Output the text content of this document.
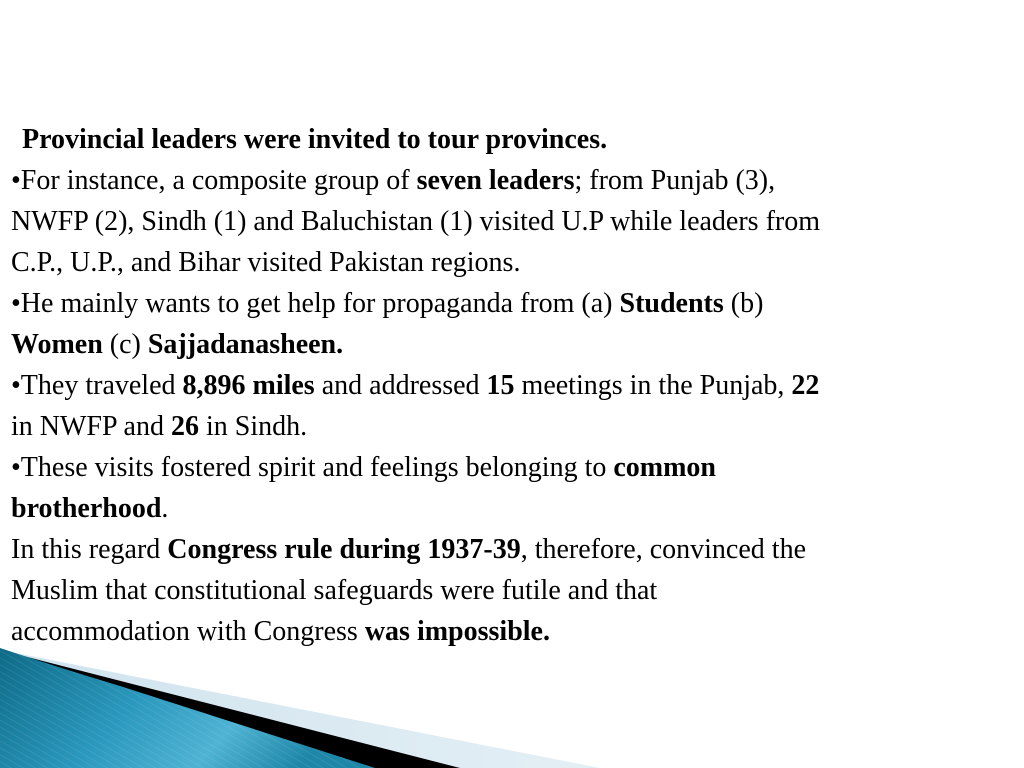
Provincial leaders were invited to tour provinces.
•For instance, a composite group of seven leaders; from Punjab (3),
NWFP (2), Sindh (1) and Baluchistan (1) visited U.P while leaders from
C.P., U.P., and Bihar visited Pakistan regions.
•He mainly wants to get help for propaganda from (a) Students (b)
Women (c) Sajjadanasheen.
•They traveled 8,896 miles and addressed 15 meetings in the Punjab, 22
in NWFP and 26 in Sindh.
•These visits fostered spirit and feelings belonging to common
brotherhood.
In this regard Congress rule during 1937-39, therefore, convinced the
Muslim that constitutional safeguards were futile and that
accommodation with Congress was impossible.
